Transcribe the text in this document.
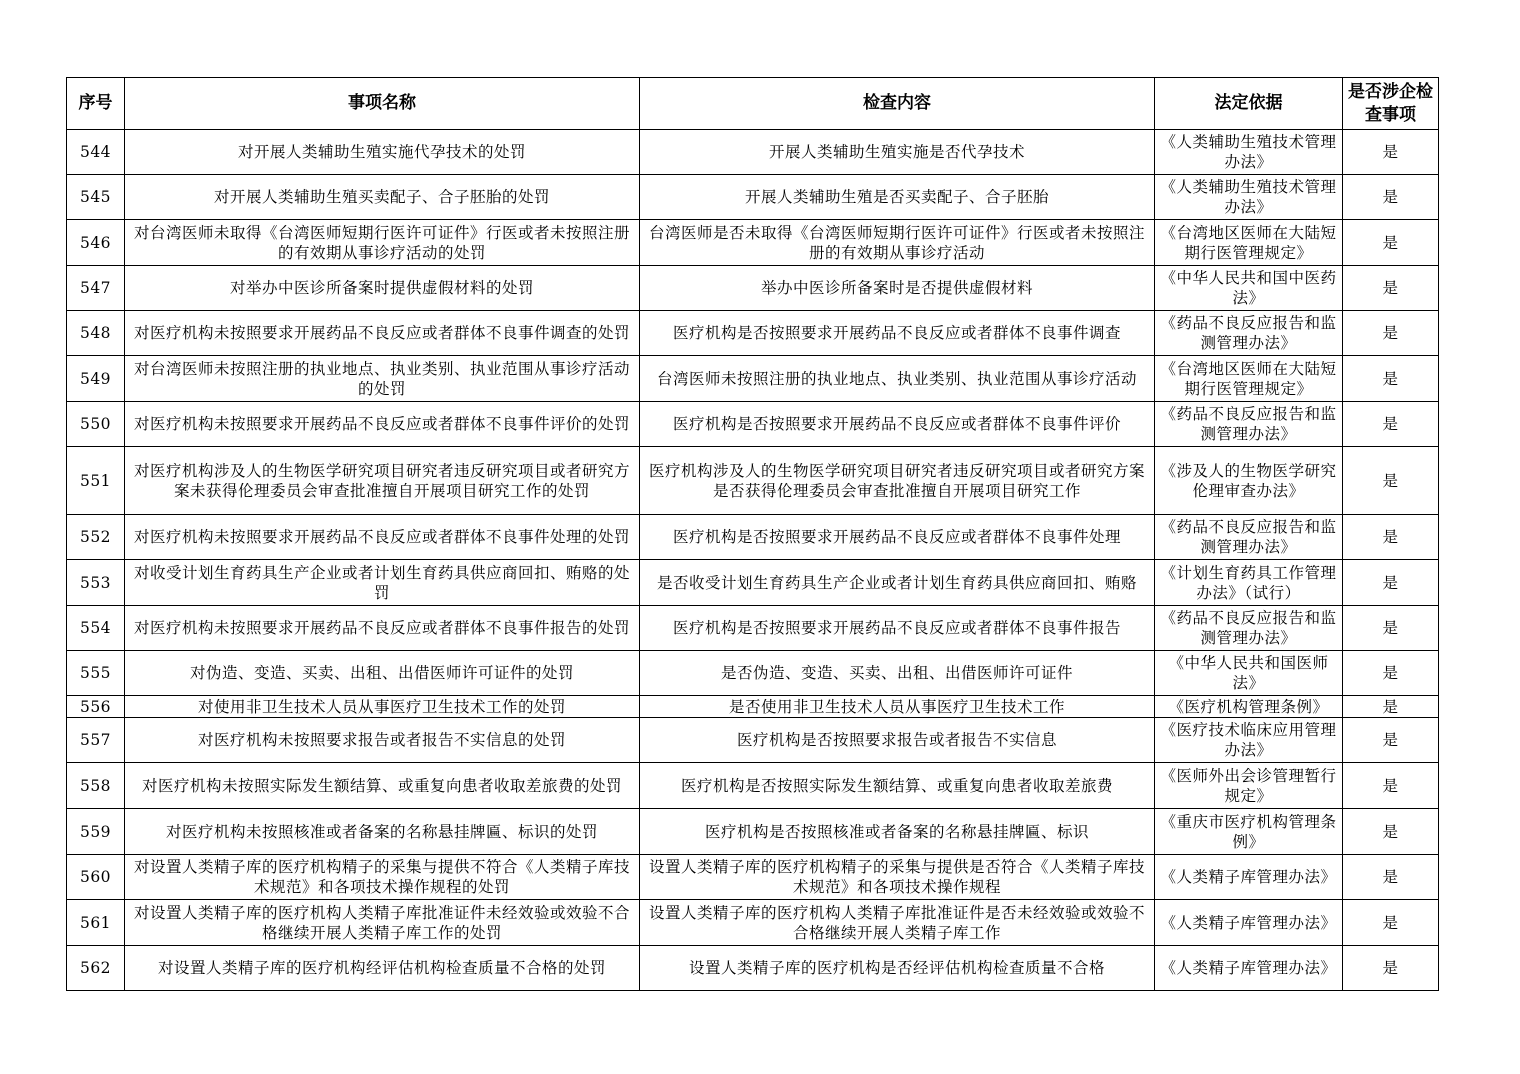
序号	事项名称	检查内容	法定依据	是否涉企检查事项
544	对开展人类辅助生殖实施代孕技术的处罚	开展人类辅助生殖实施是否代孕技术	《人类辅助生殖技术管理办法》	是
545	对开展人类辅助生殖买卖配子、合子胚胎的处罚	开展人类辅助生殖是否买卖配子、合子胚胎	《人类辅助生殖技术管理办法》	是
546	对台湾医师未取得《台湾医师短期行医许可证件》行医或者未按照注册的有效期从事诊疗活动的处罚	台湾医师是否未取得《台湾医师短期行医许可证件》行医或者未按照注册的有效期从事诊疗活动	《台湾地区医师在大陆短期行医管理规定》	是
547	对举办中医诊所备案时提供虚假材料的处罚	举办中医诊所备案时是否提供虚假材料	《中华人民共和国中医药法》	是
548	对医疗机构未按照要求开展药品不良反应或者群体不良事件调查的处罚	医疗机构是否按照要求开展药品不良反应或者群体不良事件调查	《药品不良反应报告和监测管理办法》	是
549	对台湾医师未按照注册的执业地点、执业类别、执业范围从事诊疗活动的处罚	台湾医师未按照注册的执业地点、执业类别、执业范围从事诊疗活动	《台湾地区医师在大陆短期行医管理规定》	是
550	对医疗机构未按照要求开展药品不良反应或者群体不良事件评价的处罚	医疗机构是否按照要求开展药品不良反应或者群体不良事件评价	《药品不良反应报告和监测管理办法》	是
551	对医疗机构涉及人的生物医学研究项目研究者违反研究项目或者研究方案未获得伦理委员会审查批准擅自开展项目研究工作的处罚	医疗机构涉及人的生物医学研究项目研究者违反研究项目或者研究方案是否获得伦理委员会审查批准擅自开展项目研究工作	《涉及人的生物医学研究伦理审查办法》	是
552	对医疗机构未按照要求开展药品不良反应或者群体不良事件处理的处罚	医疗机构是否按照要求开展药品不良反应或者群体不良事件处理	《药品不良反应报告和监测管理办法》	是
553	对收受计划生育药具生产企业或者计划生育药具供应商回扣、贿赂的处罚	是否收受计划生育药具生产企业或者计划生育药具供应商回扣、贿赂	《计划生育药具工作管理办法》（试行）	是
554	对医疗机构未按照要求开展药品不良反应或者群体不良事件报告的处罚	医疗机构是否按照要求开展药品不良反应或者群体不良事件报告	《药品不良反应报告和监测管理办法》	是
555	对伪造、变造、买卖、出租、出借医师许可证件的处罚	是否伪造、变造、买卖、出租、出借医师许可证件	《中华人民共和国医师法》	是
556	对使用非卫生技术人员从事医疗卫生技术工作的处罚	是否使用非卫生技术人员从事医疗卫生技术工作	《医疗机构管理条例》	是
557	对医疗机构未按照要求报告或者报告不实信息的处罚	医疗机构是否按照要求报告或者报告不实信息	《医疗技术临床应用管理办法》	是
558	对医疗机构未按照实际发生额结算、或重复向患者收取差旅费的处罚	医疗机构是否按照实际发生额结算、或重复向患者收取差旅费	《医师外出会诊管理暂行规定》	是
559	对医疗机构未按照核准或者备案的名称悬挂牌匾、标识的处罚	医疗机构是否按照核准或者备案的名称悬挂牌匾、标识	《重庆市医疗机构管理条例》	是
560	对设置人类精子库的医疗机构精子的采集与提供不符合《人类精子库技术规范》和各项技术操作规程的处罚	设置人类精子库的医疗机构精子的采集与提供是否符合《人类精子库技术规范》和各项技术操作规程	《人类精子库管理办法》	是
561	对设置人类精子库的医疗机构人类精子库批准证件未经效验或效验不合格继续开展人类精子库工作的处罚	设置人类精子库的医疗机构人类精子库批准证件是否未经效验或效验不合格继续开展人类精子库工作	《人类精子库管理办法》	是
562	对设置人类精子库的医疗机构经评估机构检查质量不合格的处罚	设置人类精子库的医疗机构是否经评估机构检查质量不合格	《人类精子库管理办法》	是
